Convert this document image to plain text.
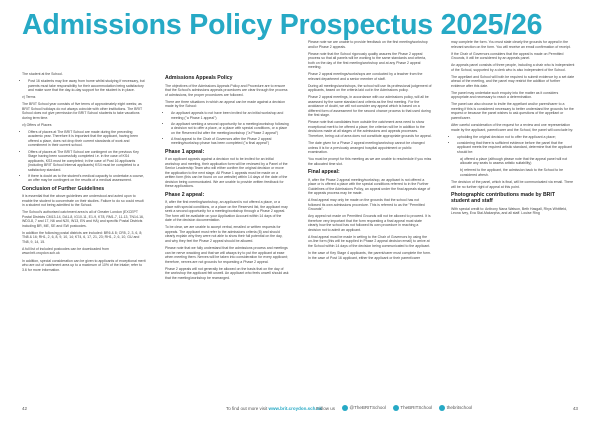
Admissions Policy Prospectus 2025/26

The student at the School.

• Post 16 students may live away from home whilst studying if necessary, but parents must take responsibility for their accommodation being satisfactory and make sure that the day-to-day support for the student is in place.

v) Terms

The BRIT School year consists of five terms of approximately eight weeks; as BRIT School holidays do not always coincide with other institutions. The BRIT School does not give permission for BRIT School students to take vacations during term time.

vi) Offers of Places

• Offers of places at The BRIT School are made during the preceding academic year. Therefore it is important that the applicant, having been offered a place, does not drop their current standards of work and commitment in their current school.
• Offers of places at The BRIT School are contingent on the previous Key Stage having been successfully completed i.e. in the case of KS4 applicants, KS3 must be completed; in the case of Post 16 applicants (including BRIT School Internal applicants) KS4 must be completed to a satisfactory standard.
• If there is doubt as to the student's medical capacity to undertake a course, an offer may be contingent on the results of a medical assessment.
Conclusion of Further Guidelines

It is essential that the above guidelines are understood and acted upon to enable the student to concentrate on their studies. Failure to do so could result in a student not being admitted to the School.

The School's authorised catchment area is all of Greater London (EXCEPT Postal Districts CM13-14, DA1-8, IG10-11, E1-9, KT8, RM1-7, 11-13, TN14-16, WD3-8, 7 and 17, N6 and N20, W13, EN and HA) and specific Postal Districts including BR, ME, SE and SW postcodes.

In addition the following postal districts are included: BR6 & 8; CR5, 2, 3, 6, 8; TN8 & 16; RH1, 2, 6, 8, 9, 10, 14; KT4, 6, 17, 21, 23; RH1, 2, 6, 10, GU and TN8, 9, 14, 15.

A full list of included postcodes can be downloaded from www.brit.croydon.sch.uk

In addition, special consideration can be given to applicants of exceptional merit who are out of catchment area up to a maximum of 10% of the intake; refer to 3.6 for more information.

Admissions Appeals Policy

The objectives of the Admissions Appeals Policy and Procedure are to ensure that the School's admissions appeals procedures are clear through the process of admissions, the proper procedures are followed.

There are three situations in which an appeal can be made against a decision made by the School:

• An applicant appeals to not have been invited for an initial workshop and meeting ("a Phase 1 appeal")
• An applicant seeking a second opportunity for a meeting/workshop following a decision not to offer a place, or a place with special conditions, or a place on the Reserved list after the meeting/workshop ("a Phase 2 appeal")
• A final appeal to the Chair of Governors after the Phase 2 appeal meeting/workshop phase has been completed ("a final appeal")
Phase 1 appeal:

If an applicant appeals against a decision not to be invited for an initial workshop and meeting, their application form will be reviewed by a Panel of the Senior Leadership Team who will either confirm the original decision or move the application to the next stage. All Phase 1 appeals must be made on a written form (this can be found on our website) within 14 days of the date of the decision being communicated. We are unable to provide written feedback for these applications.

Phase 2 appeal:

If, after the first meeting/workshop, an applicant is not offered a place, or a place with special conditions, or a place on the Reserved list, the applicant may seek a second opportunity for a meeting/workshop through a Phase 2 appeal. The form will be available on your Application Account within 14 days of the date of the decision documentation.

To be clear, we are unable to accept verbal, emailed or written requests for appeals. The applicant must refer to the admissions criteria (8) and should clearly explain why they were not able to show their full potential on the day, and why they feel the Phase 2 appeal should be allowed.

Please note that we fully understand that the admissions process and meetings can be nerve wracking and that we will always try to put the applicant at ease when meeting them. Nerves will be taken into consideration for every applicant; therefore, nerves are not grounds for requesting a Phase 2 appeal.

Phase 2 appeals will not generally be allowed on the basis that on the day of the workshop the applicant felt unwell. An applicant who feels unwell should ask that the meeting/workshop be rearranged.

Please note we are unable to provide feedback on the first meeting/workshop and/or Phase 2 appeals.

Please note that the School rigorously quality assures the Phase 2 appeal process so that all panels will be working to the same standards and criteria, both on the day of the first meeting/workshop and at any Phase 2 appeal meeting.

Phase 2 appeal meetings/workshops are conducted by a teacher from the relevant department and a senior member of staff.

During all meetings/workshops, the school will use its professional judgement of applicants, based on the criteria laid out in the Admissions policy.

Phase 2 appeal meetings, in accordance with our admissions policy, will all be assessed by the same standard and criteria as the first meeting. For the avoidance of doubt, we will not consider any appeal which is based on a different form of assessment for the second chance process to that used during the first stage.

Please note that candidates from outside the catchment area need to show exceptional merit to be offered a place; the criterion will be in addition to the decisions made at all stages of the admissions and appeals processes. Therefore, being out of area does not constitute appropriate grounds for appeal.

The date given for a Phase 2 appeal meeting/workshop cannot be changed unless it is for a previously arranged hospital appointment or public examination.

You must be prompt for this meeting as we are unable to reschedule if you miss the allocated time slot.

Final appeal:

If, after the Phase 2 appeal meeting/workshop, an applicant is not offered a place or is offered a place with the special conditions referred to in the Further Guidelines of the Admissions Policy, an appeal under the final appeals stage of the appeals process may be made.

A final appeal may only be made on the grounds that the school has not followed its own admissions procedure. This is referred to as the "Permitted Grounds".

Any appeal not made on Permitted Grounds will not be allowed to proceed. It is therefore very important that the form requesting a final appeal must state clearly how the school has not followed its own procedure in reaching a decision not to admit an applicant.

A final appeal must be made in writing to the Chair of Governors by using the on-line form (this will be supplied in Phase 2 appeal decision email) to arrive at the School within 14 days of the decision being communicated to the applicant.

In the case of Key Stage 4 applicants, the parent/carer must complete the form. In the case of Post 16 applicant, either the applicant or their parent/carer

may complete the form. You must state clearly the grounds for appeal in the relevant section on the form. You will receive an email confirmation of receipt.

If the Chair of Governors considers that the appeal is made on Permitted Grounds, it will be considered by an appeals panel.

An appeals panel consists of three people, including a chair who is independent of the School, supported by a clerk who is also independent of the School.

The appellant and School will both be required to submit evidence by a set date ahead of the meeting, and the panel may restrict the addition of further evidence after this date.

The panel may undertake such enquiry into the matter as it considers appropriate and necessary to reach a determination.

The panel can also choose to invite the appellant and/or parent/carer to a meeting if this is considered necessary to better understand the grounds for the request or because the panel wishes to ask questions of the appellant or parent/carer.

After careful consideration of the request for a review and one representation made by the applicant, parent/carer and the School, the panel will conclude by:

• upholding the original decision not to offer the applicant a place;
• considering that there is sufficient evidence before the panel that the applicant meets the required artistic standard, determine that the applicant should be:

a) offered a place (although please note that the appeal panel will not allocate any seats to assess artistic suitability)

b) referred to the applicant, the admission back to the School to be considered afresh.

The decision of the panel, which is final, will be communicated via email. There will be no further right of appeal at this point.

Photographic contributions made by BRIT student and staff

With special credit to: Anthony Nana Watson, Beth Hasgall, Rhys Whitfield, Leona Ivey, Eva Stai-Makarpha, and all staff. Louise Ring

42	To find out more visit www.brit.croydon.sch.uk
Follow us	@TheBRITSchool	TheBRITSchool	thebritschool	43
